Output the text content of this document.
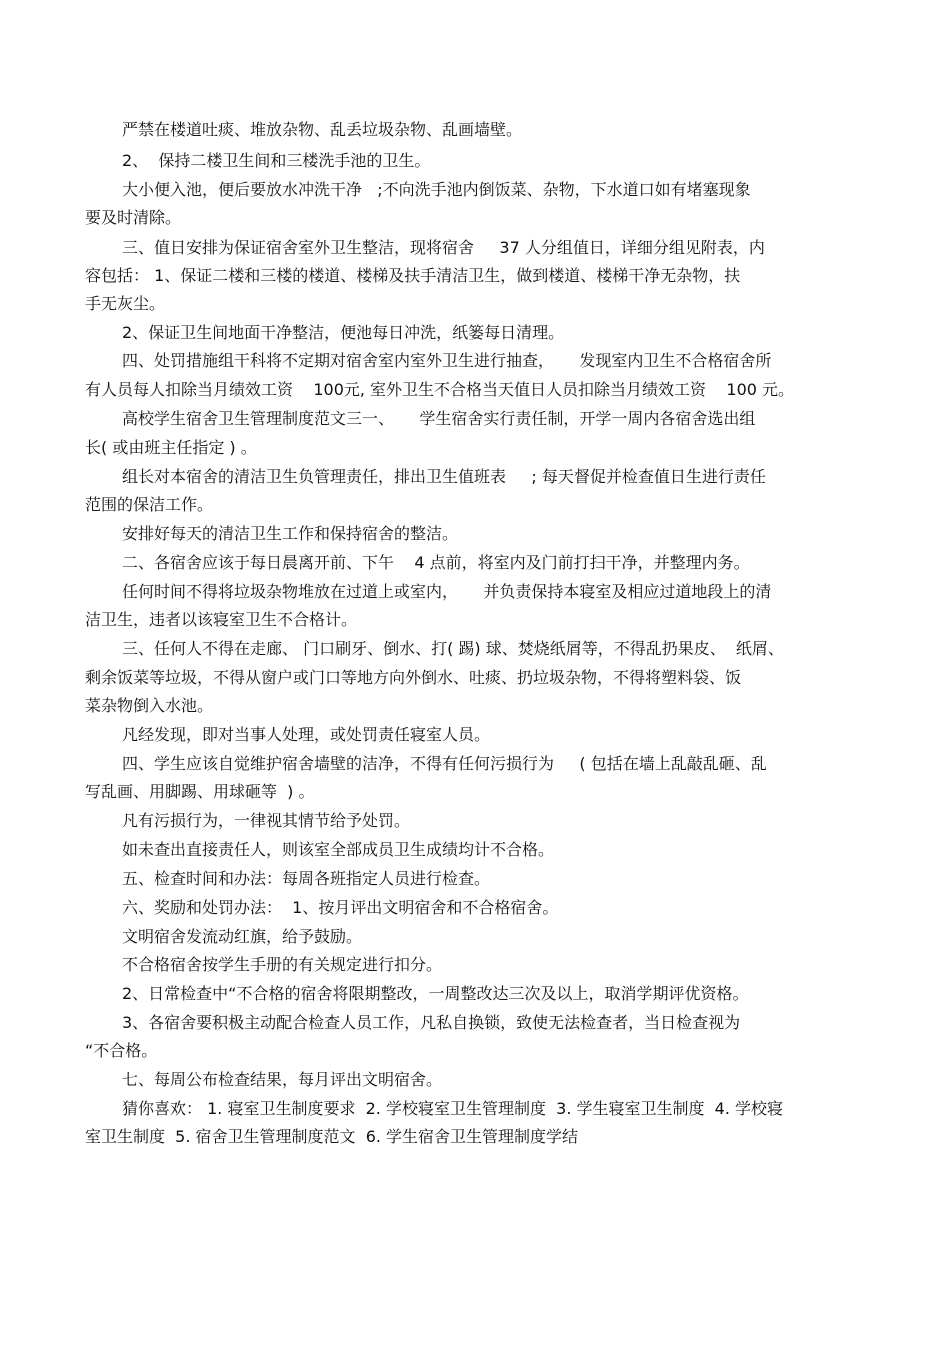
严禁在楼道吐痰、堆放杂物、乱丢垃圾杂物、乱画墙壁。
2、  保持二楼卫生间和三楼洗手池的卫生。
大小便入池，便后要放水冲洗干净   ;不向洗手池内倒饭菜、杂物，下水道口如有堵塞现象
要及时清除。
三、值日安排为保证宿舍室外卫生整洁，现将宿舍     37 人分组值日，详细分组见附表，内
容包括： 1、保证二楼和三楼的楼道、楼梯及扶手清洁卫生，做到楼道、楼梯干净无杂物，扶
手无灰尘。
2、保证卫生间地面干净整洁，便池每日冲洗，纸篓每日清理。
四、处罚措施组干科将不定期对宿舍室内室外卫生进行抽查，     发现室内卫生不合格宿舍所
有人员每人扣除当月绩效工资    100元, 室外卫生不合格当天值日人员扣除当月绩效工资    100 元。
高校学生宿舍卫生管理制度范文三一、     学生宿舍实行责任制，开学一周内各宿舍选出组
长( 或由班主任指定 ) 。
组长对本宿舍的清洁卫生负管理责任，排出卫生值班表     ; 每天督促并检查值日生进行责任
范围的保洁工作。
安排好每天的清洁卫生工作和保持宿舍的整洁。
二、各宿舍应该于每日晨离开前、下午    4 点前，将室内及门前打扫干净，并整理内务。
任何时间不得将垃圾杂物堆放在过道上或室内，     并负责保持本寝室及相应过道地段上的清
洁卫生，违者以该寝室卫生不合格计。
三、任何人不得在走廊、 门口刷牙、倒水、打( 踢) 球、焚烧纸屑等，不得乱扔果皮、  纸屑、
剩余饭菜等垃圾，不得从窗户或门口等地方向外倒水、吐痰、扔垃圾杂物，不得将塑料袋、饭
菜杂物倒入水池。
凡经发现，即对当事人处理，或处罚责任寝室人员。
四、学生应该自觉维护宿舍墙壁的洁净，不得有任何污损行为     ( 包括在墙上乱敲乱砸、乱
写乱画、用脚踢、用球砸等  ) 。
凡有污损行为，一律视其情节给予处罚。
如未查出直接责任人，则该室全部成员卫生成绩均计不合格。
五、检查时间和办法：每周各班指定人员进行检查。
六、奖励和处罚办法：  1、按月评出文明宿舍和不合格宿舍。
文明宿舍发流动红旗，给予鼓励。
不合格宿舍按学生手册的有关规定进行扣分。
2、日常检查中“不合格的宿舍将限期整改，一周整改达三次及以上，取消学期评优资格。
3、各宿舍要积极主动配合检查人员工作，凡私自换锁，致使无法检查者，当日检查视为
“不合格。
七、每周公布检查结果，每月评出文明宿舍。
猜你喜欢： 1. 寝室卫生制度要求  2. 学校寝室卫生管理制度  3. 学生寝室卫生制度  4. 学校寝
室卫生制度  5. 宿舍卫生管理制度范文  6. 学生宿舍卫生管理制度学结
